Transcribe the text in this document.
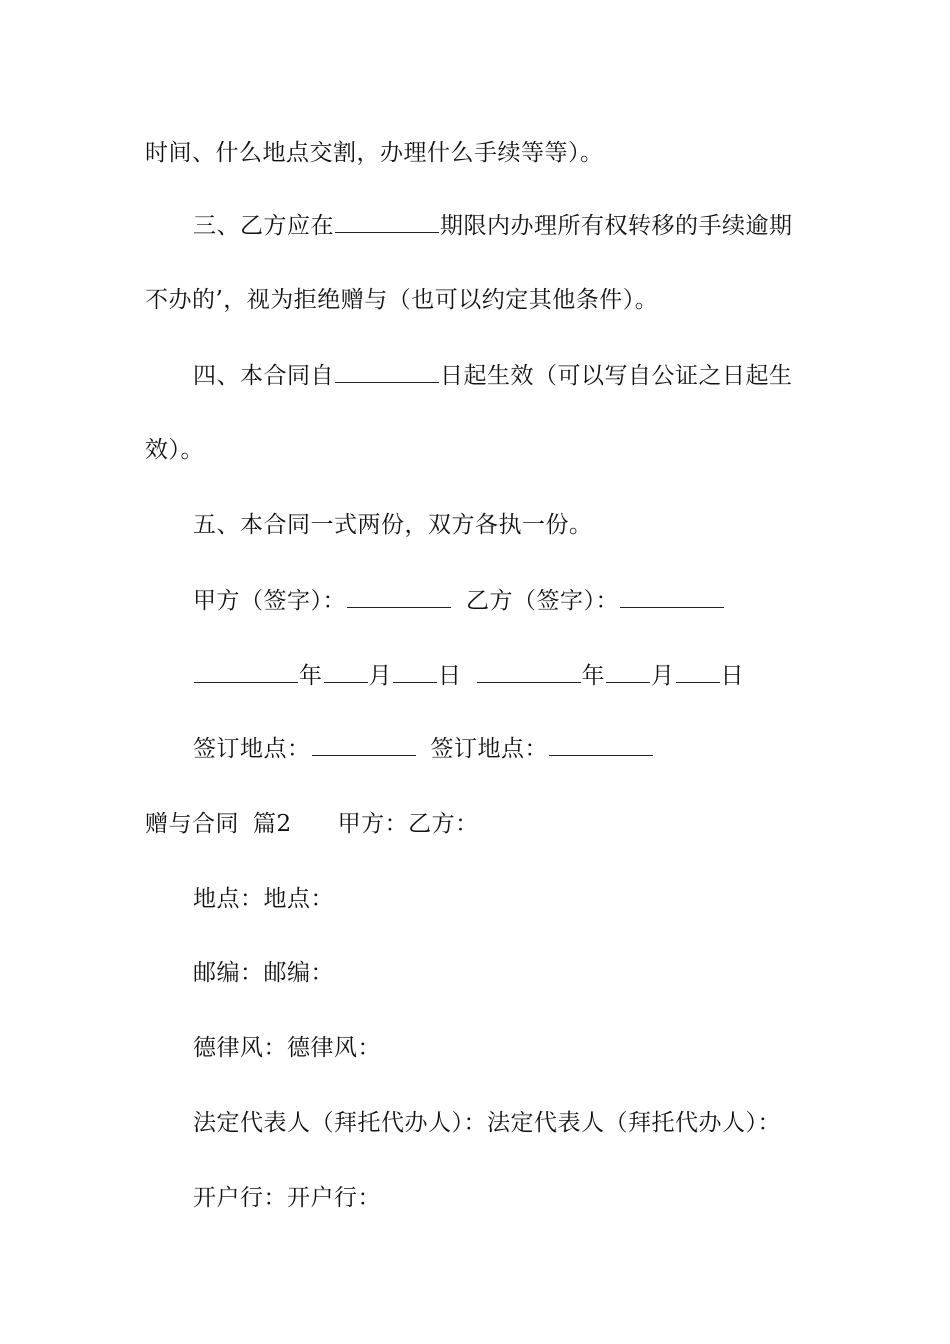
时间、什么地点交割，办理什么手续等等）。
三、乙方应在	期限内办理所有权转移的手续逾期
不办的’，视为拒绝赠与（也可以约定其他条件）。
四、本合同自	日起生效（可以写自公证之日起生
效）。
五、本合同一式两份，双方各执一份。
甲方（签字）：	乙方（签字）：
年 月 日	年 月 日
签订地点：	签订地点：
赠与合同 篇2 甲方：乙方：
地点：地点：
邮编：邮编：
德律风：德律风：
法定代表人（拜托代办人）：法定代表人（拜托代办人）：
开户行：开户行：
